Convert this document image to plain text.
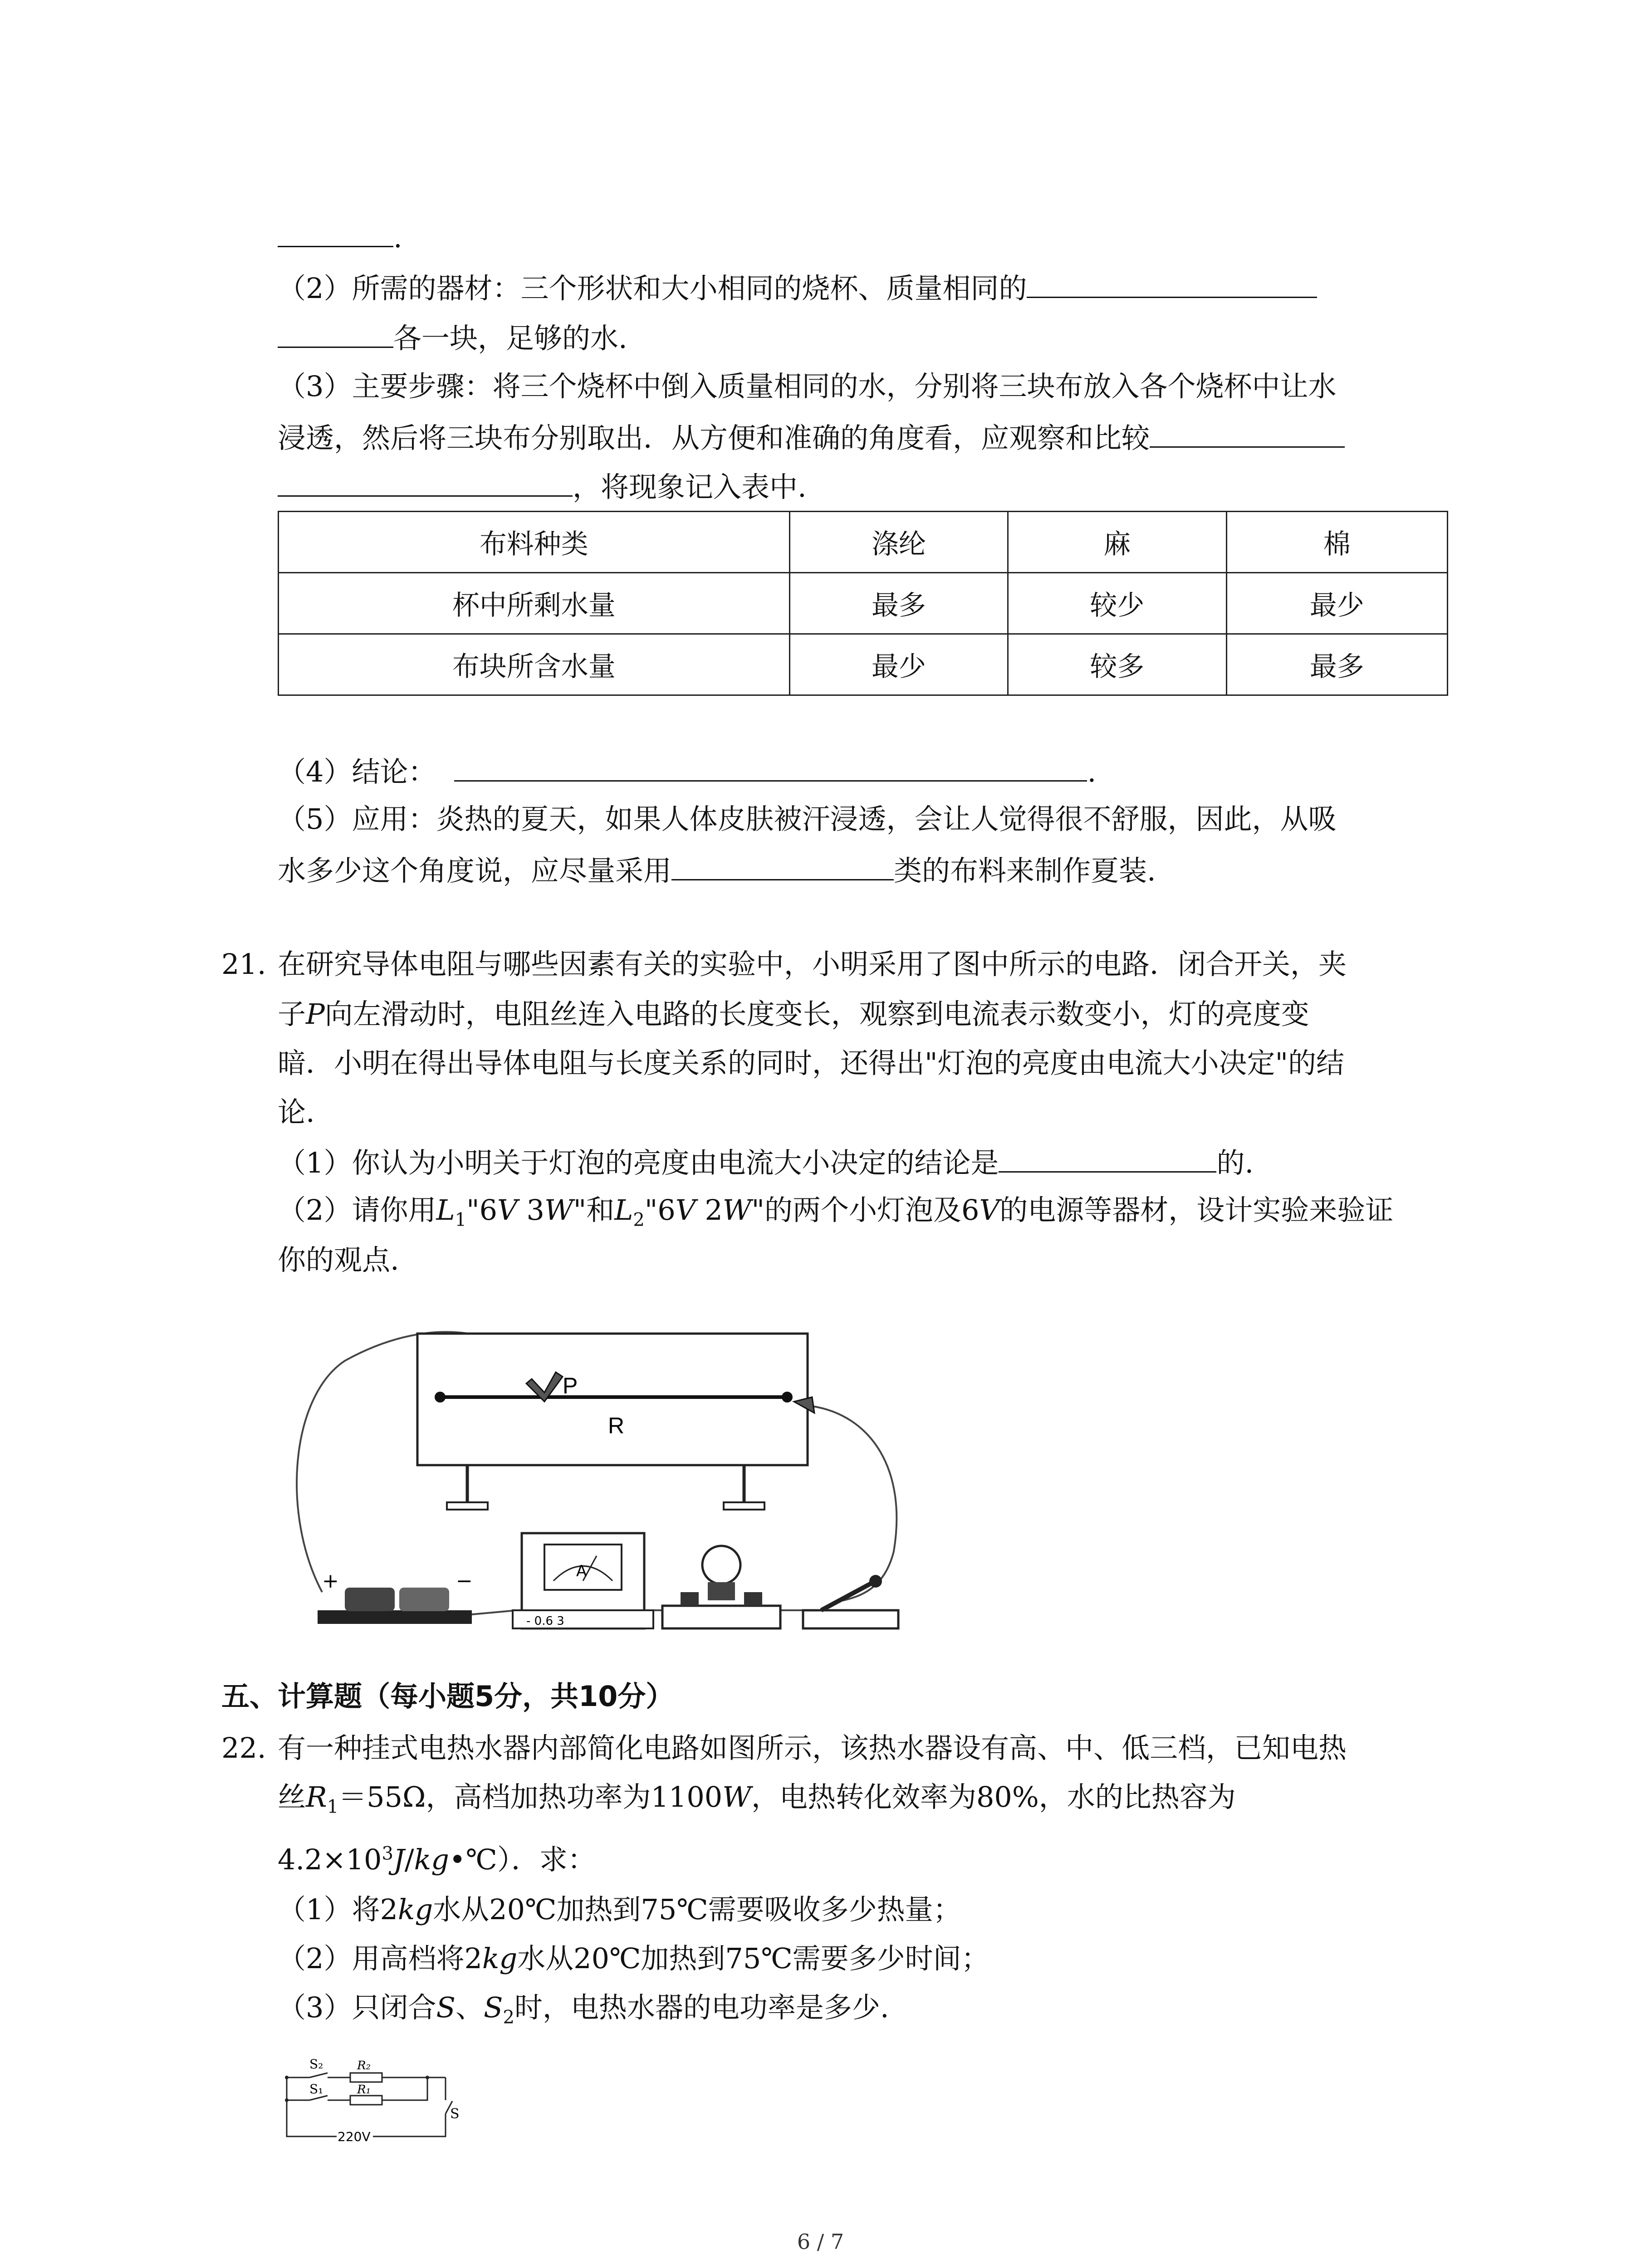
.
（2）所需的器材：三个形状和大小相同的烧杯、质量相同的
各一块，足够的水.
（3）主要步骤：将三个烧杯中倒入质量相同的水，分别将三块布放入各个烧杯中让水
浸透，然后将三块布分别取出．从方便和准确的角度看，应观察和比较
，将现象记入表中.
布料种类	涤纶	麻	棉
杯中所剩水量	最多	较少	最少
布块所含水量	最少	较多	最多
（4）结论：	.
（5）应用：炎热的夏天，如果人体皮肤被汗浸透，会让人觉得很不舒服，因此，从吸
水多少这个角度说，应尽量采用	类的布料来制作夏装.
21. 在研究导体电阻与哪些因素有关的实验中，小明采用了图中所示的电路．闭合开关，夹
子P向左滑动时，电阻丝连入电路的长度变长，观察到电流表示数变小，灯的亮度变
暗．小明在得出导体电阻与长度关系的同时，还得出"灯泡的亮度由电流大小决定"的结
论.
（1）你认为小明关于灯泡的亮度由电流大小决定的结论是	的.
（2）请你用$L_1"6V$ 3W"和$L_2"6V$ 2W"的两个小灯泡及6V的电源等器材，设计实验来验证
你的观点.
P
R
+	−	A
- 0.6 3
五、计算题（每小题5分，共10分）
22. 有一种挂式电热水器内部简化电路如图所示，该热水器设有高、中、低三档，已知电热
丝$R_1=55\Omega$，高档加热功率为1100W，电热转化效率为80%，水的比热容为
$4.2\times 10^3J/kg•℃$）．求：
（1）将2kg水从20℃加热到75℃需要吸收多少热量；
（2）用高档将2kg水从20℃加热到75℃需要多少时间；
（3）只闭合S、$S_2$时，电热水器的电功率是多少.
S₂	R₂
S₁	R₁
S
220V
6 / 7
